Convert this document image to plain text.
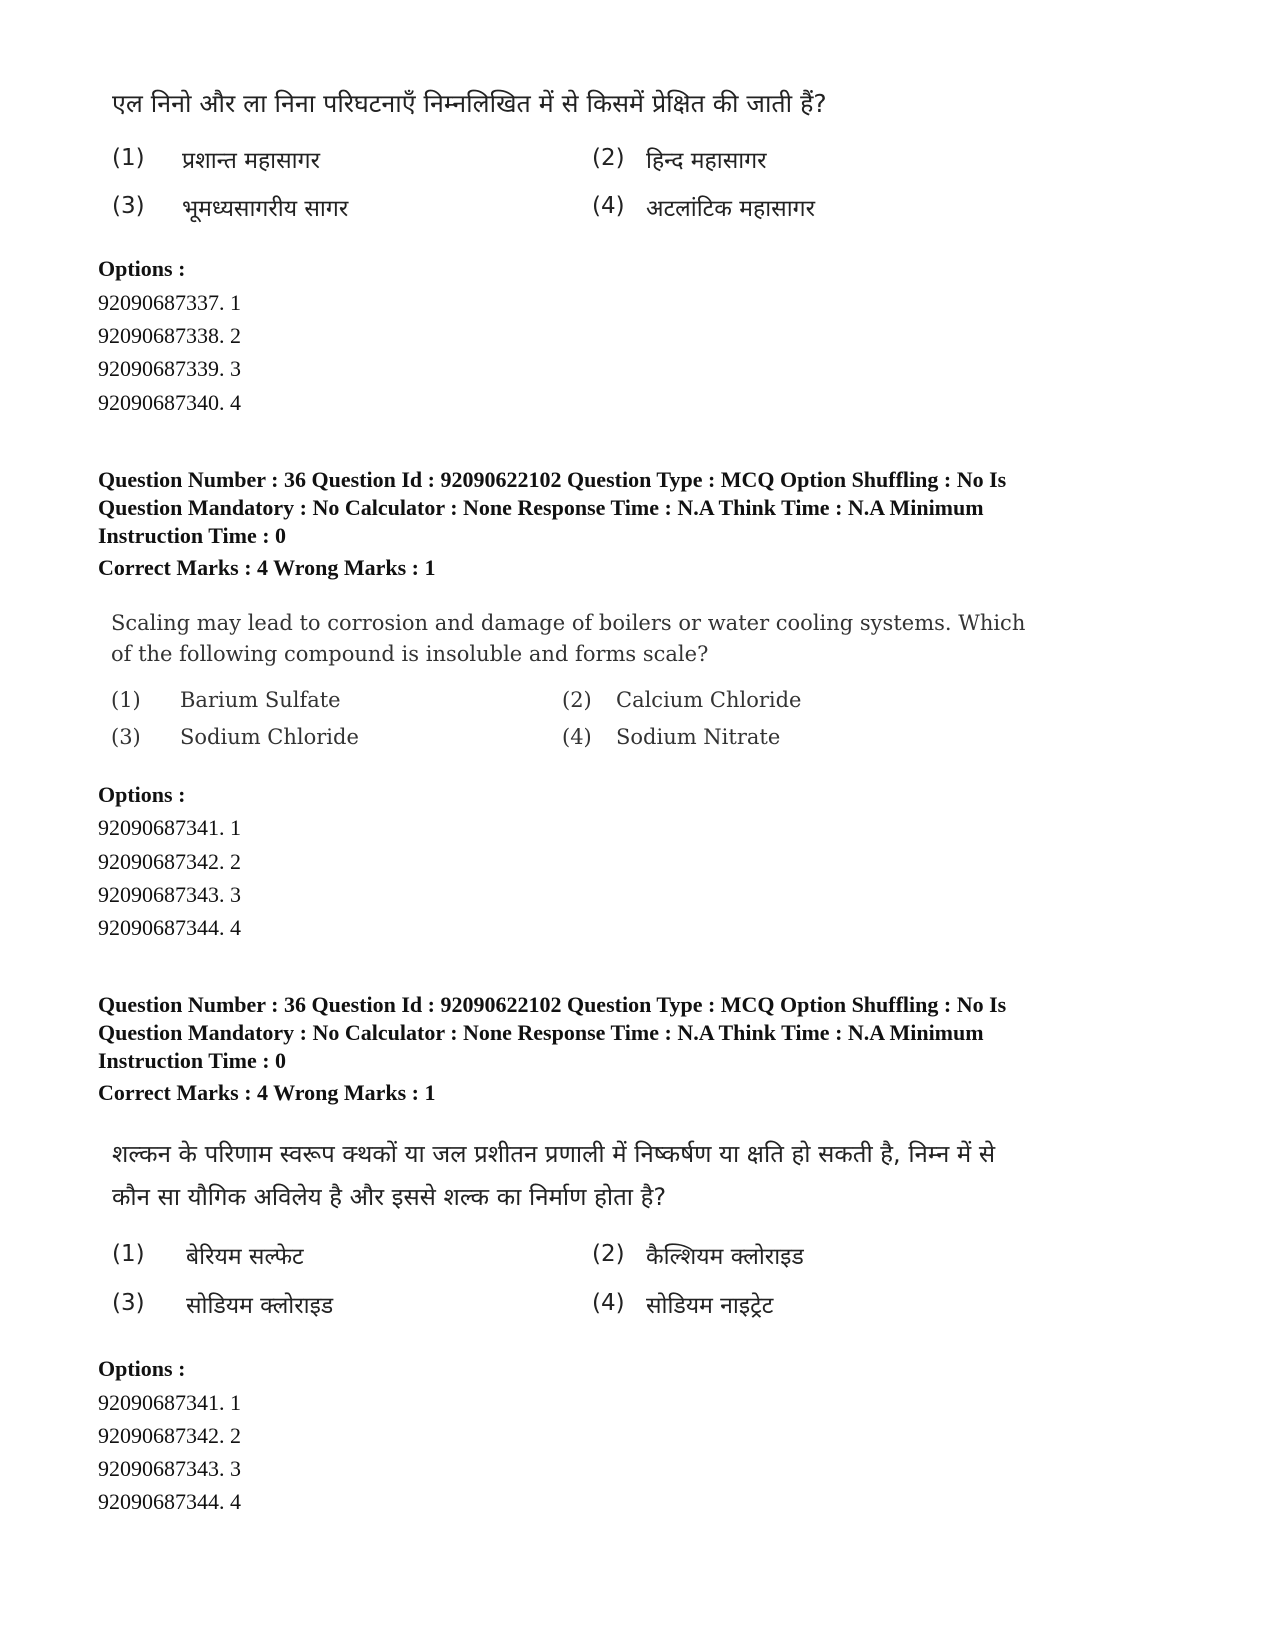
एल निनो और ला निना परिघटनाएँ निम्नलिखित में से किसमें प्रेक्षित की जाती हैं?
(1) प्रशान्त महासागर	(2) हिन्द महासागर
(3) भूमध्यसागरीय सागर	(4) अटलांटिक महासागर
Options :
92090687337. 1
92090687338. 2
92090687339. 3
92090687340. 4
Question Number : 36 Question Id : 92090622102 Question Type : MCQ Option Shuffling : No Is
Question Mandatory : No Calculator : None Response Time : N.A Think Time : N.A Minimum
Instruction Time : 0
Correct Marks : 4 Wrong Marks : 1
Scaling may lead to corrosion and damage of boilers or water cooling systems. Which
of the following compound is insoluble and forms scale?
(1) Barium Sulfate	(2) Calcium Chloride
(3) Sodium Chloride	(4) Sodium Nitrate
Options :
92090687341. 1
92090687342. 2
92090687343. 3
92090687344. 4
Question Number : 36 Question Id : 92090622102 Question Type : MCQ Option Shuffling : No Is
Question Mandatory : No Calculator : None Response Time : N.A Think Time : N.A Minimum
Instruction Time : 0
Correct Marks : 4 Wrong Marks : 1
शल्कन के परिणाम स्वरूप क्थकों या जल प्रशीतन प्रणाली में निष्कर्षण या क्षति हो सकती है, निम्न में से
कौन सा यौगिक अविलेय है और इससे शल्क का निर्माण होता है?
(1) बेरियम सल्फेट	(2) कैल्शियम क्लोराइड
(3) सोडियम क्लोराइड	(4) सोडियम नाइट्रेट
Options :
92090687341. 1
92090687342. 2
92090687343. 3
92090687344. 4
